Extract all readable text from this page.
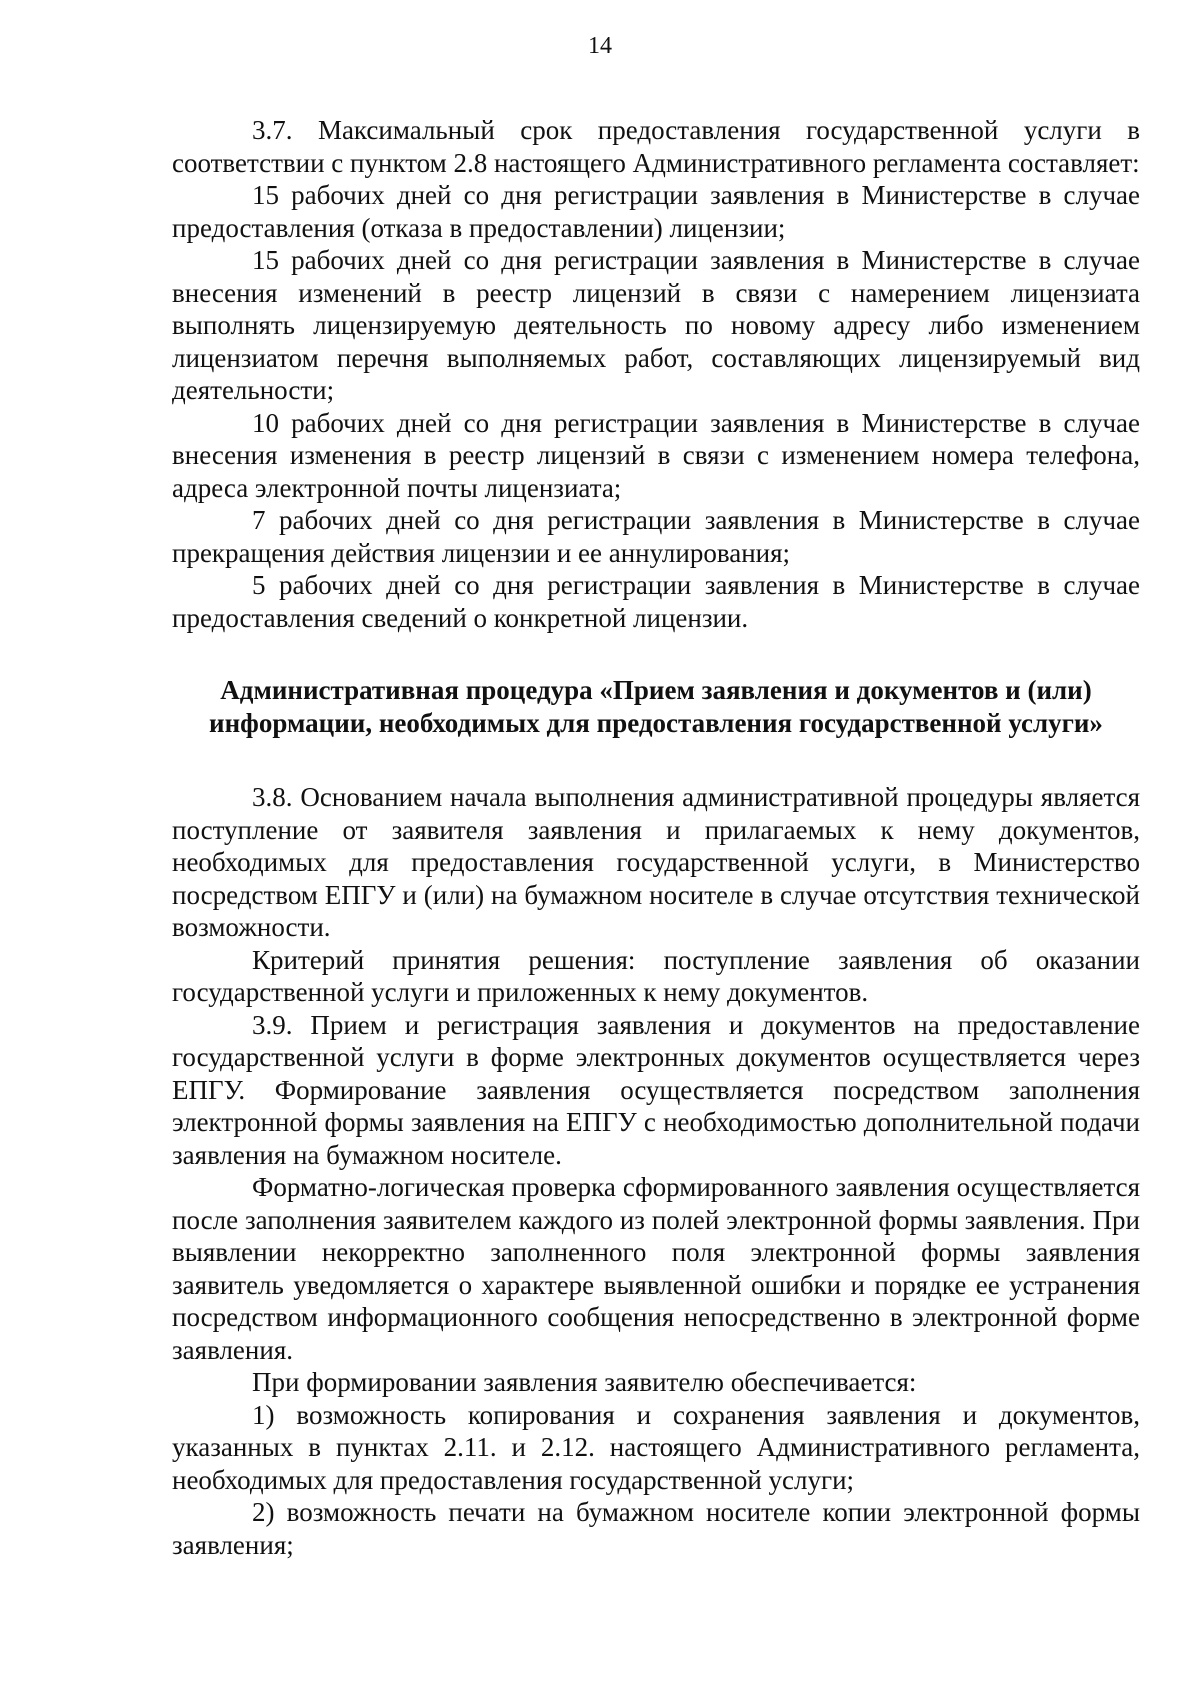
14

3.7. Максимальный срок предоставления государственной услуги в соответствии с пунктом 2.8 настоящего Административного регламента составляет:

15 рабочих дней со дня регистрации заявления в Министерстве в случае предоставления (отказа в предоставлении) лицензии;

15 рабочих дней со дня регистрации заявления в Министерстве в случае внесения изменений в реестр лицензий в связи с намерением лицензиата выполнять лицензируемую деятельность по новому адресу либо изменением лицензиатом перечня выполняемых работ, составляющих лицензируемый вид деятельности;

10 рабочих дней со дня регистрации заявления в Министерстве в случае внесения изменения в реестр лицензий в связи с изменением номера телефона, адреса электронной почты лицензиата;

7 рабочих дней со дня регистрации заявления в Министерстве в случае прекращения действия лицензии и ее аннулирования;

5 рабочих дней со дня регистрации заявления в Министерстве в случае предоставления сведений о конкретной лицензии.

Административная процедура «Прием заявления и документов и (или)
информации, необходимых для предоставления государственной услуги»

3.8. Основанием начала выполнения административной процедуры является поступление от заявителя заявления и прилагаемых к нему документов, необходимых для предоставления государственной услуги, в Министерство посредством ЕПГУ и (или) на бумажном носителе в случае отсутствия технической возможности.

Критерий принятия решения: поступление заявления об оказании государственной услуги и приложенных к нему документов.

3.9. Прием и регистрация заявления и документов на предоставление государственной услуги в форме электронных документов осуществляется через ЕПГУ. Формирование заявления осуществляется посредством заполнения электронной формы заявления на ЕПГУ с необходимостью дополнительной подачи заявления на бумажном носителе.

Форматно-логическая проверка сформированного заявления осуществляется после заполнения заявителем каждого из полей электронной формы заявления. При выявлении некорректно заполненного поля электронной формы заявления заявитель уведомляется о характере выявленной ошибки и порядке ее устранения посредством информационного сообщения непосредственно в электронной форме заявления.

При формировании заявления заявителю обеспечивается:

1) возможность копирования и сохранения заявления и документов, указанных в пунктах 2.11. и 2.12. настоящего Административного регламента, необходимых для предоставления государственной услуги;

2) возможность печати на бумажном носителе копии электронной формы заявления;
